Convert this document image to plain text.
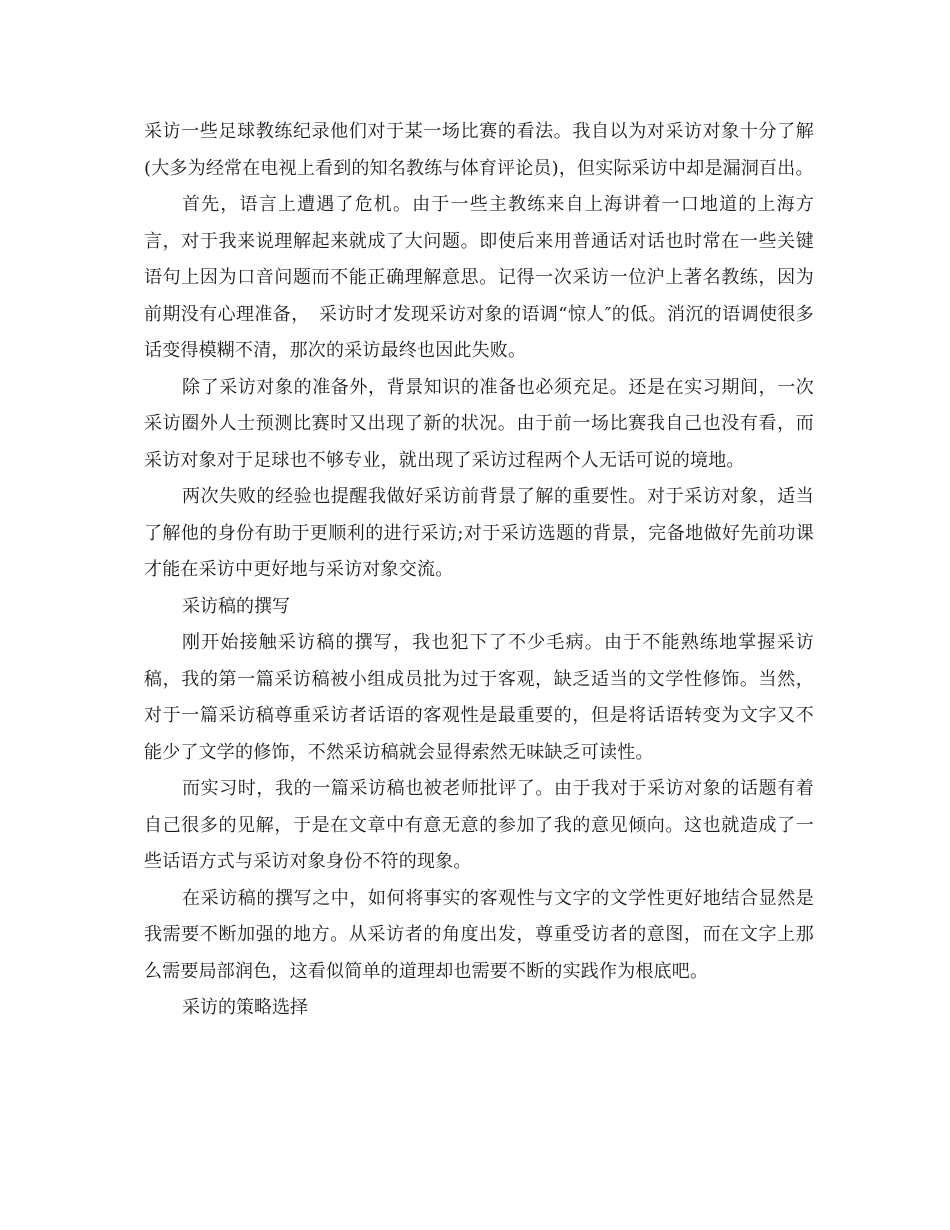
采访一些足球教练纪录他们对于某一场比赛的看法。我自以为对采访对象十分了解(大多为经常在电视上看到的知名教练与体育评论员)，但实际采访中却是漏洞百出。

首先，语言上遭遇了危机。由于一些主教练来自上海讲着一口地道的上海方言，对于我来说理解起来就成了大问题。即使后来用普通话对话也时常在一些关键语句上因为口音问题而不能正确理解意思。记得一次采访一位沪上著名教练，因为前期没有心理准备，　采访时才发现采访对象的语调“惊人″的低。消沉的语调使很多话变得模糊不清，那次的采访最终也因此失败。

除了采访对象的准备外，背景知识的准备也必须充足。还是在实习期间，一次采访圈外人士预测比赛时又出现了新的状况。由于前一场比赛我自己也没有看，而采访对象对于足球也不够专业，就出现了采访过程两个人无话可说的境地。

两次失败的经验也提醒我做好采访前背景了解的重要性。对于采访对象，适当了解他的身份有助于更顺利的进行采访;对于采访选题的背景，完备地做好先前功课才能在采访中更好地与采访对象交流。

采访稿的撰写

刚开始接触采访稿的撰写，我也犯下了不少毛病。由于不能熟练地掌握采访稿，我的第一篇采访稿被小组成员批为过于客观，缺乏适当的文学性修饰。当然，对于一篇采访稿尊重采访者话语的客观性是最重要的，但是将话语转变为文字又不能少了文学的修饰，不然采访稿就会显得索然无味缺乏可读性。

而实习时，我的一篇采访稿也被老师批评了。由于我对于采访对象的话题有着自己很多的见解，于是在文章中有意无意的参加了我的意见倾向。这也就造成了一些话语方式与采访对象身份不符的现象。

在采访稿的撰写之中，如何将事实的客观性与文字的文学性更好地结合显然是我需要不断加强的地方。从采访者的角度出发，尊重受访者的意图，而在文字上那么需要局部润色，这看似简单的道理却也需要不断的实践作为根底吧。

采访的策略选择
